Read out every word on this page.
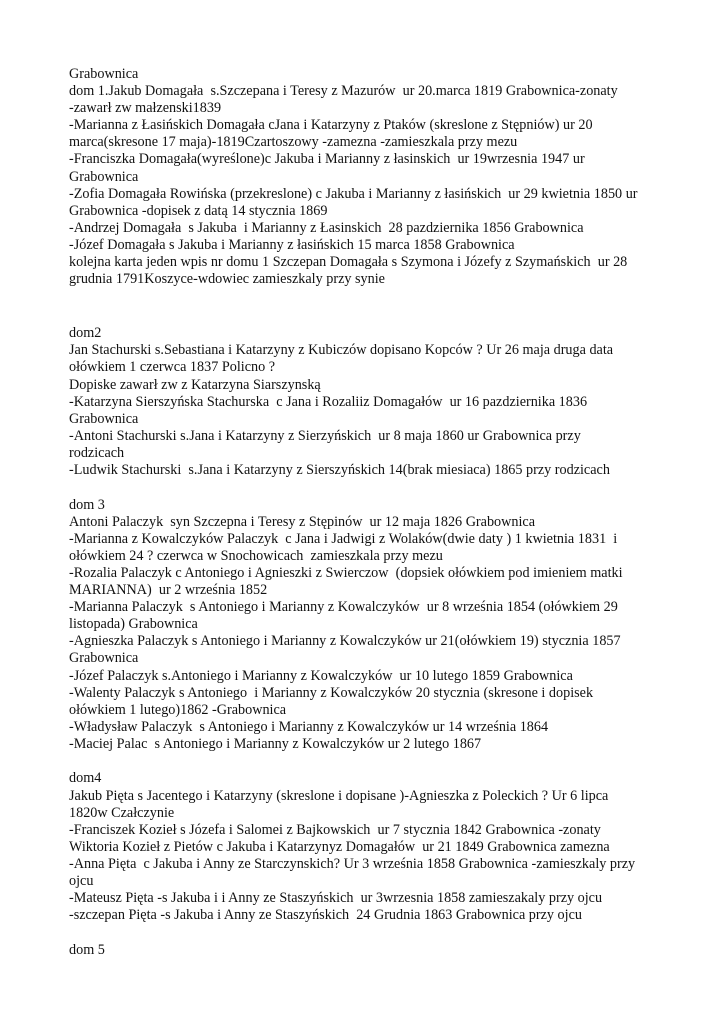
Grabownica
dom 1.Jakub Domagała  s.Szczepana i Teresy z Mazurów  ur 20.marca 1819 Grabownica-zonaty
-zawarł zw małzenski1839
-Marianna z Łasińskich Domagała cJana i Katarzyny z Ptaków (skreslone z Stępniów) ur 20
marca(skresone 17 maja)-1819Czartoszowy -zamezna -zamieszkala przy mezu
-Franciszka Domagała(wyreślone)c Jakuba i Marianny z łasinskich  ur 19wrzesnia 1947 ur
Grabownica
-Zofia Domagała Rowińska (przekreslone) c Jakuba i Marianny z łasińskich  ur 29 kwietnia 1850 ur
Grabownica -dopisek z datą 14 stycznia 1869
-Andrzej Domagała  s Jakuba  i Marianny z Łasinskich  28 pazdziernika 1856 Grabownica
-Józef Domagała s Jakuba i Marianny z łasińskich 15 marca 1858 Grabownica
kolejna karta jeden wpis nr domu 1 Szczepan Domagała s Szymona i Józefy z Szymańskich  ur 28
grudnia 1791Koszyce-wdowiec zamieszkaly przy synie
dom2
Jan Stachurski s.Sebastiana i Katarzyny z Kubiczów dopisano Kopców ? Ur 26 maja druga data
ołówkiem 1 czerwca 1837 Policno ?
Dopiske zawarł zw z Katarzyna Siarszynską
-Katarzyna Sierszyńska Stachurska  c Jana i Rozaliiz Domagałów  ur 16 pazdziernika 1836
Grabownica
-Antoni Stachurski s.Jana i Katarzyny z Sierzyńskich  ur 8 maja 1860 ur Grabownica przy
rodzicach
-Ludwik Stachurski  s.Jana i Katarzyny z Sierszyńskich 14(brak miesiaca) 1865 przy rodzicach
dom 3
Antoni Palaczyk  syn Szczepna i Teresy z Stępinów  ur 12 maja 1826 Grabownica
-Marianna z Kowalczyków Palaczyk  c Jana i Jadwigi z Wolaków(dwie daty ) 1 kwietnia 1831  i
ołówkiem 24 ? czerwca w Snochowicach  zamieszkala przy mezu
-Rozalia Palaczyk c Antoniego i Agnieszki z Swierczow  (dopsiek ołówkiem pod imieniem matki
MARIANNA)  ur 2 września 1852
-Marianna Palaczyk  s Antoniego i Marianny z Kowalczyków  ur 8 września 1854 (ołówkiem 29
listopada) Grabownica
-Agnieszka Palaczyk s Antoniego i Marianny z Kowalczyków ur 21(ołówkiem 19) stycznia 1857
Grabownica
-Józef Palaczyk s.Antoniego i Marianny z Kowalczyków  ur 10 lutego 1859 Grabownica
-Walenty Palaczyk s Antoniego  i Marianny z Kowalczyków 20 stycznia (skresone i dopisek
ołówkiem 1 lutego)1862 -Grabownica
-Władysław Palaczyk  s Antoniego i Marianny z Kowalczyków ur 14 września 1864
-Maciej Palac  s Antoniego i Marianny z Kowalczyków ur 2 lutego 1867
dom4
Jakub Pięta s Jacentego i Katarzyny (skreslone i dopisane )-Agnieszka z Poleckich ? Ur 6 lipca
1820w Czałczynie
-Franciszek Kozieł s Józefa i Salomei z Bajkowskich  ur 7 stycznia 1842 Grabownica -zonaty
Wiktoria Kozieł z Pietów c Jakuba i Katarzynyz Domagałów  ur 21 1849 Grabownica zamezna
-Anna Pięta  c Jakuba i Anny ze Starczynskich? Ur 3 września 1858 Grabownica -zamieszkaly przy
ojcu
-Mateusz Pięta -s Jakuba i i Anny ze Staszyńskich  ur 3wrzesnia 1858 zamieszakaly przy ojcu
-szczepan Pięta -s Jakuba i Anny ze Staszyńskich  24 Grudnia 1863 Grabownica przy ojcu
dom 5
